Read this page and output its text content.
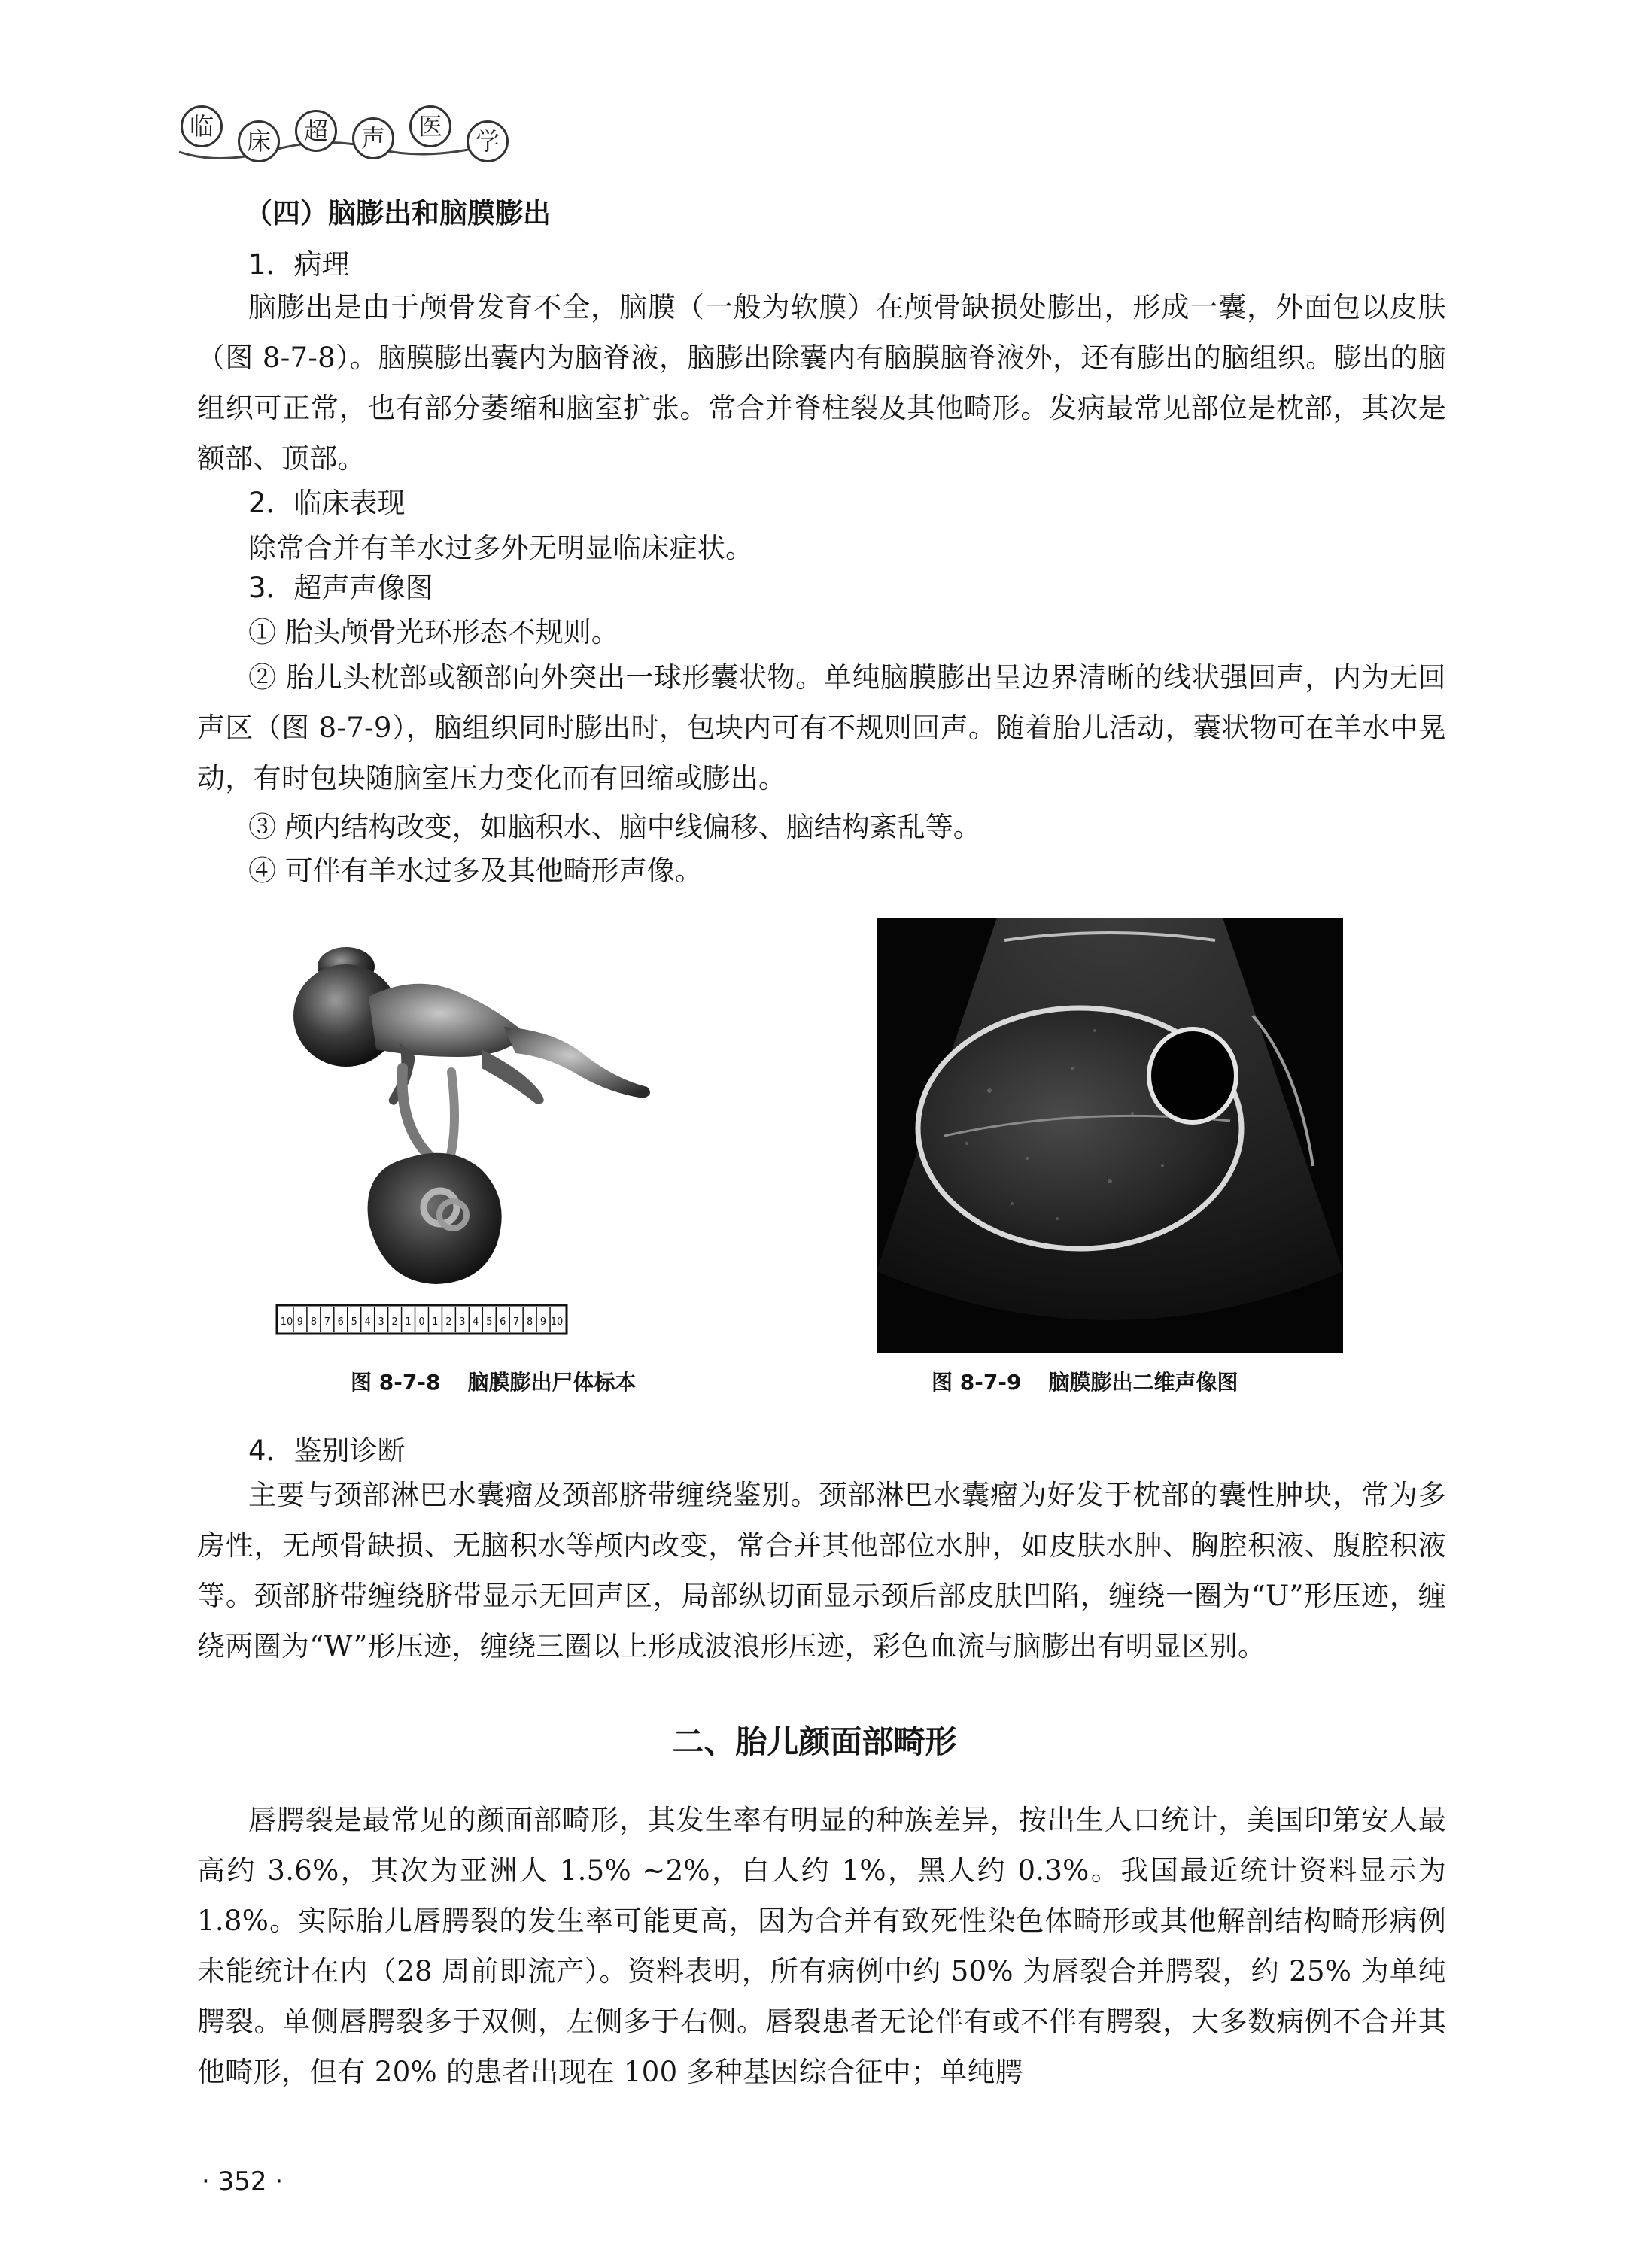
临
床	超	声	医
学
（四）脑膨出和脑膜膨出
1．病理
脑膨出是由于颅骨发育不全，脑膜（一般为软膜）在颅骨缺损处膨出，形成一囊，外面包以皮肤（图 8-7-8）。脑膜膨出囊内为脑脊液，脑膨出除囊内有脑膜脑脊液外，还有膨出的脑组织。膨出的脑组织可正常，也有部分萎缩和脑室扩张。常合并脊柱裂及其他畸形。发病最常见部位是枕部，其次是额部、顶部。
2．临床表现
除常合并有羊水过多外无明显临床症状。
3．超声声像图
① 胎头颅骨光环形态不规则。
② 胎儿头枕部或额部向外突出一球形囊状物。单纯脑膜膨出呈边界清晰的线状强回声，内为无回声区（图 8-7-9），脑组织同时膨出时，包块内可有不规则回声。随着胎儿活动，囊状物可在羊水中晃动，有时包块随脑室压力变化而有回缩或膨出。
③ 颅内结构改变，如脑积水、脑中线偏移、脑结构紊乱等。
④ 可伴有羊水过多及其他畸形声像。
10 9 8 7 6 5 4 3 2 1 0 1 2 3 4 5 6 7 8 9 10
图 8-7-8 脑膜膨出尸体标本	图 8-7-9 脑膜膨出二维声像图
4．鉴别诊断
主要与颈部淋巴水囊瘤及颈部脐带缠绕鉴别。颈部淋巴水囊瘤为好发于枕部的囊性肿块，常为多房性，无颅骨缺损、无脑积水等颅内改变，常合并其他部位水肿，如皮肤水肿、胸腔积液、腹腔积液等。颈部脐带缠绕脐带显示无回声区，局部纵切面显示颈后部皮肤凹陷，缠绕一圈为“U”形压迹，缠绕两圈为“W”形压迹，缠绕三圈以上形成波浪形压迹，彩色血流与脑膨出有明显区别。
二、胎儿颜面部畸形
唇腭裂是最常见的颜面部畸形，其发生率有明显的种族差异，按出生人口统计，美国印第安人最高约 3.6%，其次为亚洲人 1.5% ~2%，白人约 1%，黑人约 0.3%。我国最近统计资料显示为 1.8%。实际胎儿唇腭裂的发生率可能更高，因为合并有致死性染色体畸形或其他解剖结构畸形病例未能统计在内（28 周前即流产）。资料表明，所有病例中约 50% 为唇裂合并腭裂，约 25% 为单纯腭裂。单侧唇腭裂多于双侧，左侧多于右侧。唇裂患者无论伴有或不伴有腭裂，大多数病例不合并其他畸形，但有 20% 的患者出现在 100 多种基因综合征中；单纯腭
· 352 ·
